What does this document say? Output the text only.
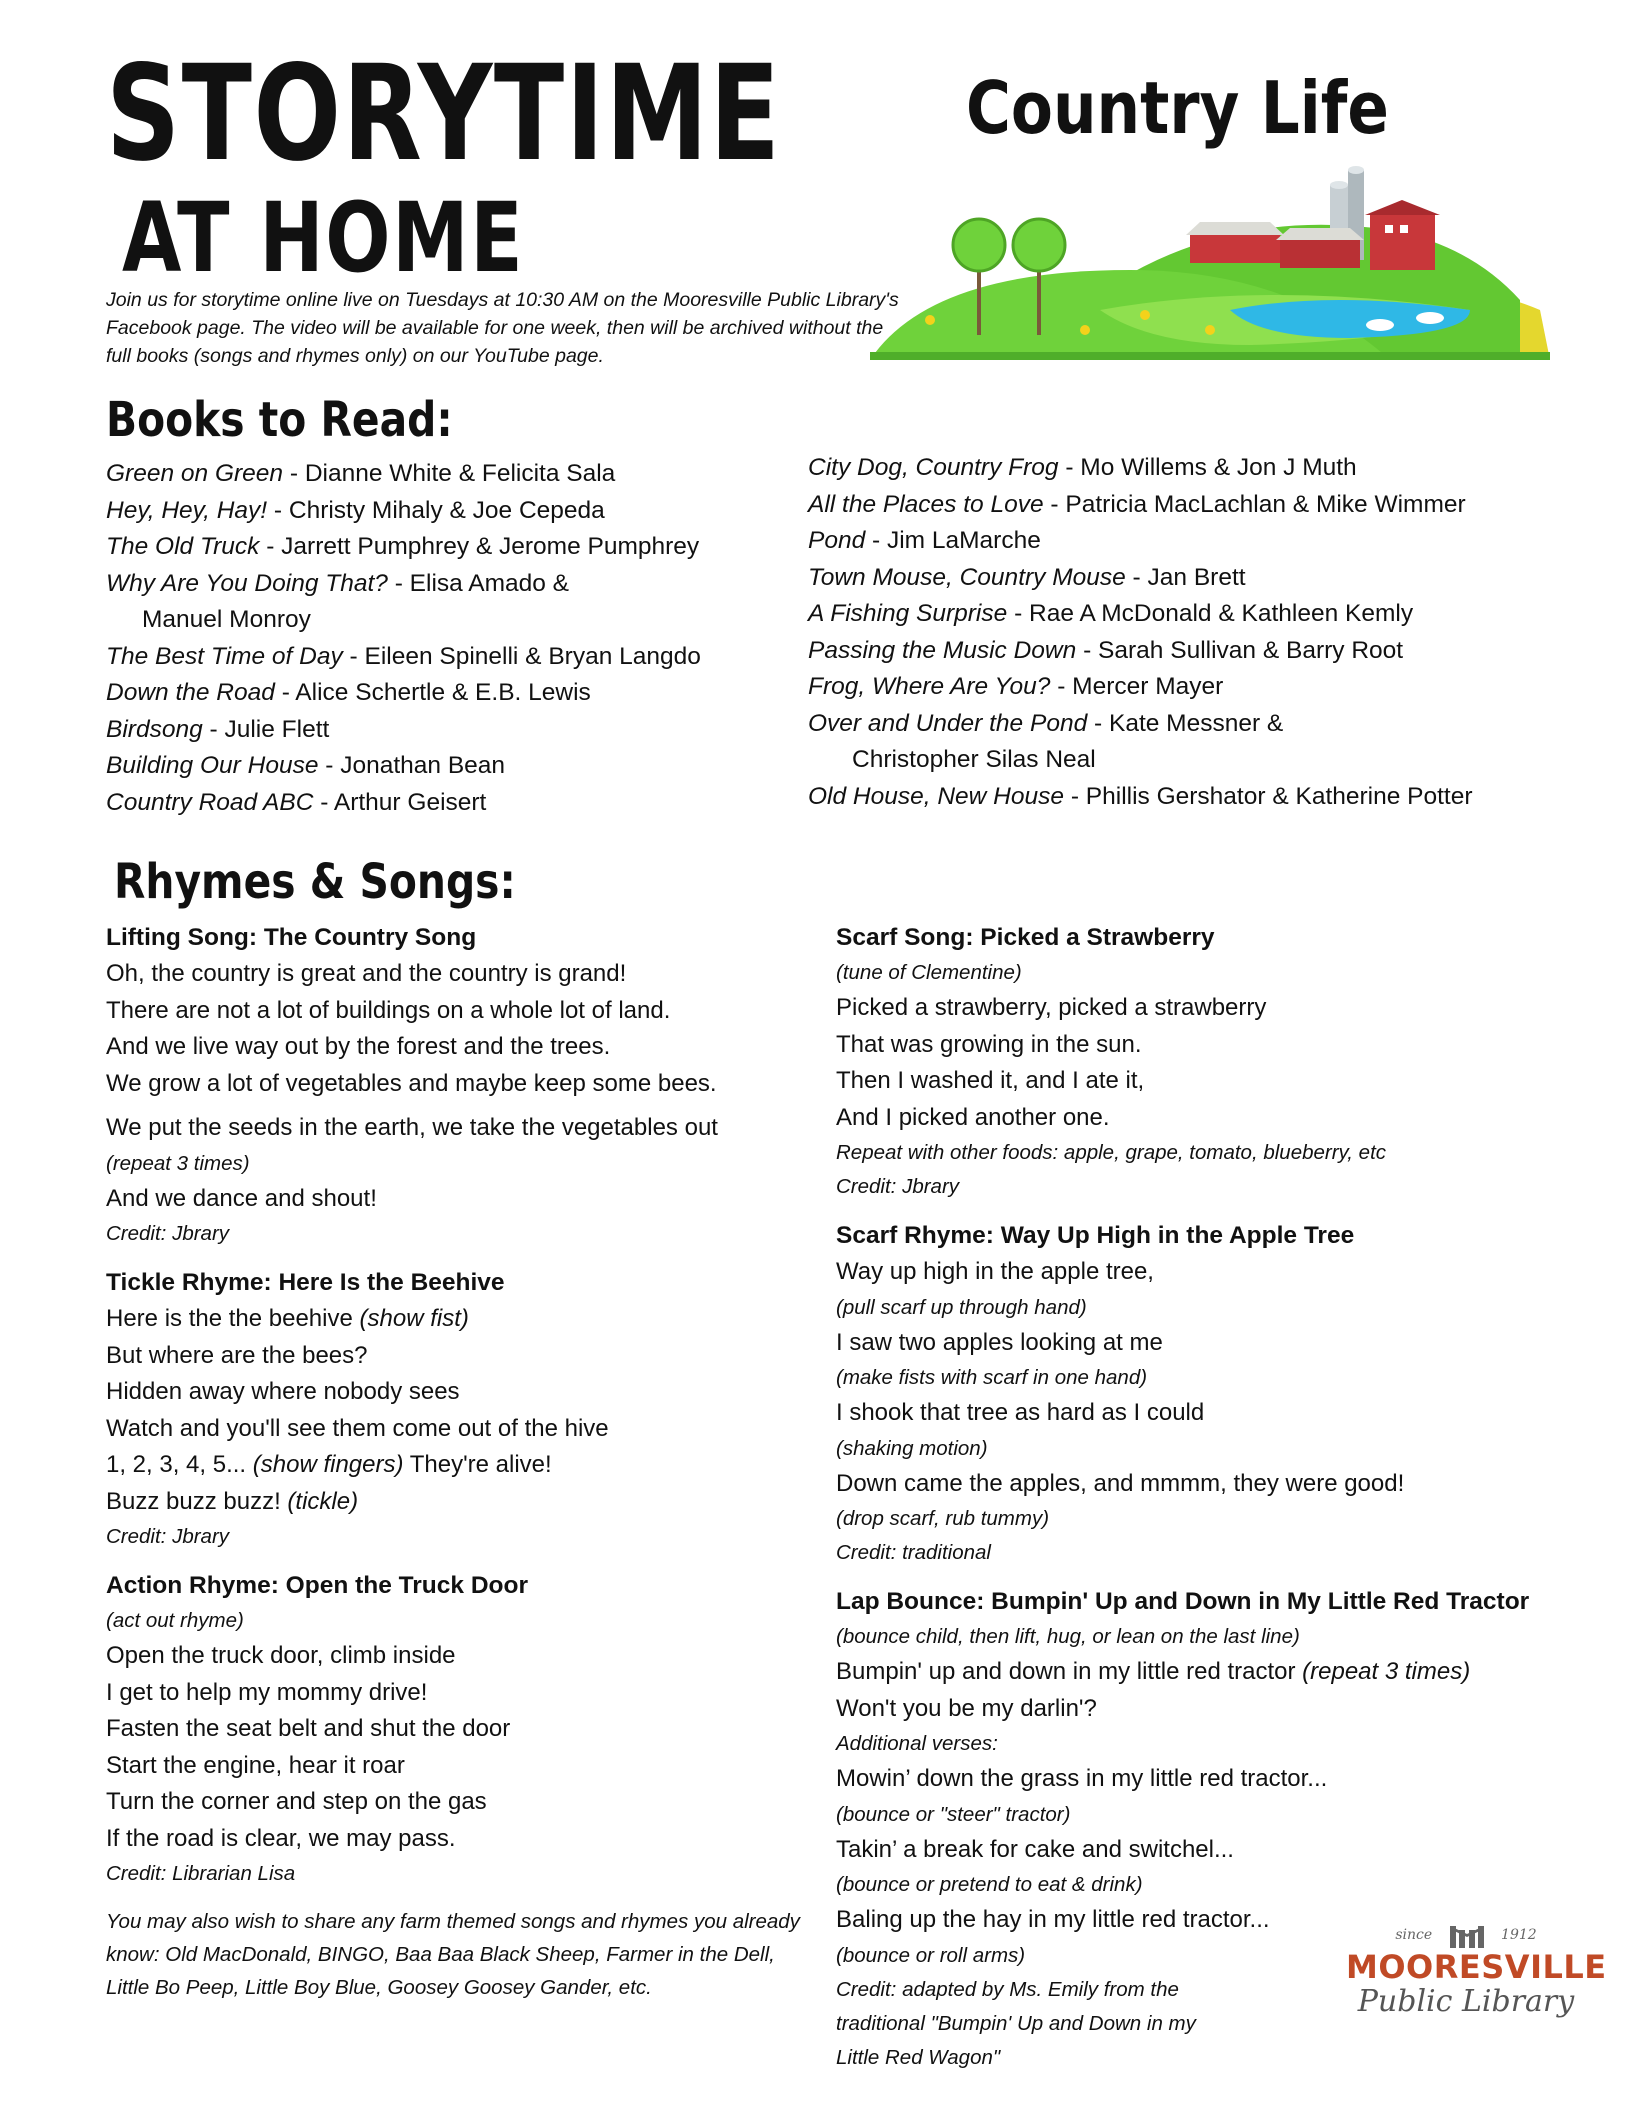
STORYTIME
AT HOME
Country Life
Join us for storytime online live on Tuesdays at 10:30 AM on the Mooresville Public Library's Facebook page. The video will be available for one week, then will be archived without the full books (songs and rhymes only) on our YouTube page.
Books to Read:
Green on Green - Dianne White & Felicita Sala
Hey, Hey, Hay! - Christy Mihaly & Joe Cepeda
The Old Truck - Jarrett Pumphrey & Jerome Pumphrey
Why Are You Doing That? - Elisa Amado &
Manuel Monroy
The Best Time of Day - Eileen Spinelli & Bryan Langdo
Down the Road - Alice Schertle & E.B. Lewis
Birdsong - Julie Flett
Building Our House - Jonathan Bean
Country Road ABC - Arthur Geisert
City Dog, Country Frog - Mo Willems & Jon J Muth
All the Places to Love - Patricia MacLachlan & Mike Wimmer
Pond - Jim LaMarche
Town Mouse, Country Mouse - Jan Brett
A Fishing Surprise - Rae A McDonald & Kathleen Kemly
Passing the Music Down - Sarah Sullivan & Barry Root
Frog, Where Are You? - Mercer Mayer
Over and Under the Pond - Kate Messner &
Christopher Silas Neal
Old House, New House - Phillis Gershator & Katherine Potter
Rhymes & Songs:
Lifting Song: The Country Song
Oh, the country is great and the country is grand!
There are not a lot of buildings on a whole lot of land.
And we live way out by the forest and the trees.
We grow a lot of vegetables and maybe keep some bees.
We put the seeds in the earth, we take the vegetables out
(repeat 3 times)
And we dance and shout!
Credit: Jbrary
Tickle Rhyme: Here Is the Beehive
Here is the the beehive (show fist)
But where are the bees?
Hidden away where nobody sees
Watch and you'll see them come out of the hive
1, 2, 3, 4, 5... (show fingers) They're alive!
Buzz buzz buzz! (tickle)
Credit: Jbrary
Action Rhyme: Open the Truck Door
(act out rhyme)
Open the truck door, climb inside
I get to help my mommy drive!
Fasten the seat belt and shut the door
Start the engine, hear it roar
Turn the corner and step on the gas
If the road is clear, we may pass.
Credit: Librarian Lisa
You may also wish to share any farm themed songs and rhymes you already know: Old MacDonald, BINGO, Baa Baa Black Sheep, Farmer in the Dell, Little Bo Peep, Little Boy Blue, Goosey Goosey Gander, etc.
Scarf Song: Picked a Strawberry
(tune of Clementine)
Picked a strawberry, picked a strawberry
That was growing in the sun.
Then I washed it, and I ate it,
And I picked another one.
Repeat with other foods: apple, grape, tomato, blueberry, etc
Credit: Jbrary
Scarf Rhyme: Way Up High in the Apple Tree
Way up high in the apple tree,
(pull scarf up through hand)
I saw two apples looking at me
(make fists with scarf in one hand)
I shook that tree as hard as I could
(shaking motion)
Down came the apples, and mmmm, they were good!
(drop scarf, rub tummy)
Credit: traditional
Lap Bounce: Bumpin' Up and Down in My Little Red Tractor
(bounce child, then lift, hug, or lean on the last line)
Bumpin' up and down in my little red tractor (repeat 3 times)
Won't you be my darlin'?
Additional verses:
Mowin’ down the grass in my little red tractor...
(bounce or "steer" tractor)
Takin’ a break for cake and switchel...
(bounce or pretend to eat & drink)
Baling up the hay in my little red tractor...
(bounce or roll arms)
Credit: adapted by Ms. Emily from the
traditional "Bumpin' Up and Down in my
Little Red Wagon"
since	1912
MOORESVILLE
Public Library
